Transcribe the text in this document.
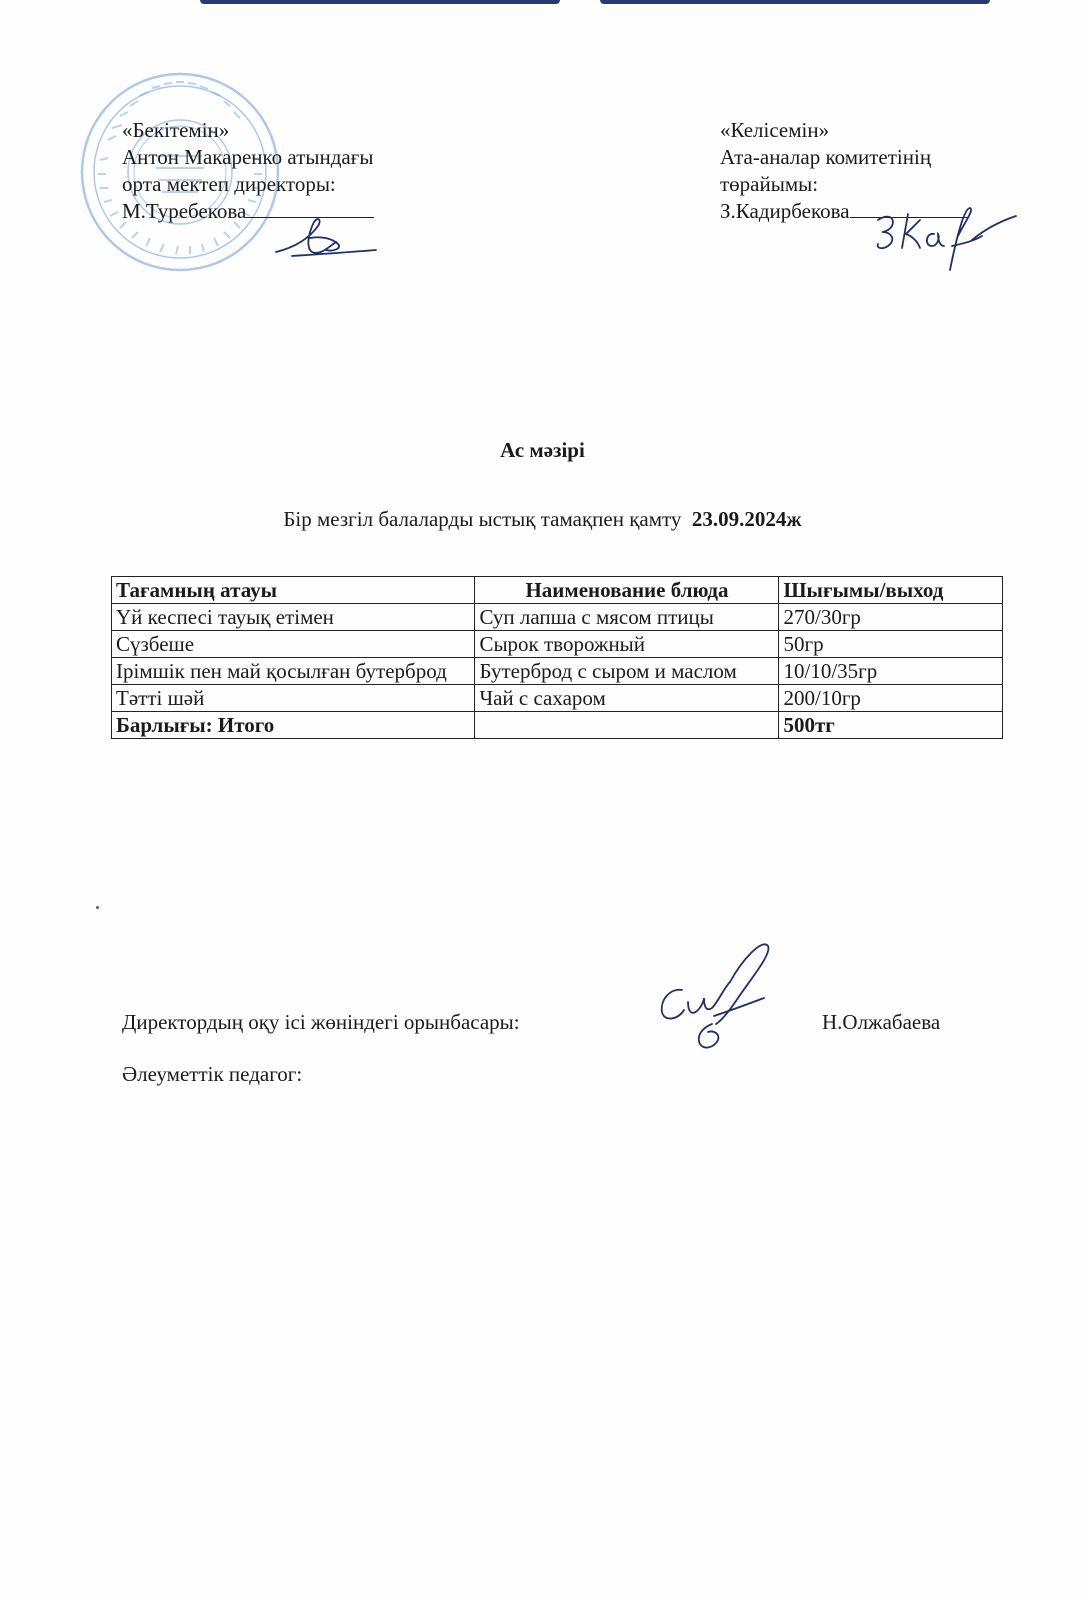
«Бекітемін»
Антон Макаренко атындағы
орта мектеп директоры:
М.Туребекова
«Келісемін»
Ата-аналар комитетінің
төрайымы:
З.Кадирбекова
Ас мәзірі
Бір мезгіл балаларды ыстық тамақпен қамту 23.09.2024ж
Тағамның атауы	Наименование блюда	Шығымы/выход
Үй кеспесі тауық етімен	Суп лапша с мясом птицы	270/30гр
Сүзбеше	Сырок творожный	50гр
Ірімшік пен май қосылған бутерброд	Бутерброд с сыром и маслом	10/10/35гр
Тәтті шәй	Чай с сахаром	200/10гр
Барлығы: Итого		500тг
Директордың оқу ісі жөніндегі орынбасары:	Н.Олжабаева
Әлеуметтік педагог:
